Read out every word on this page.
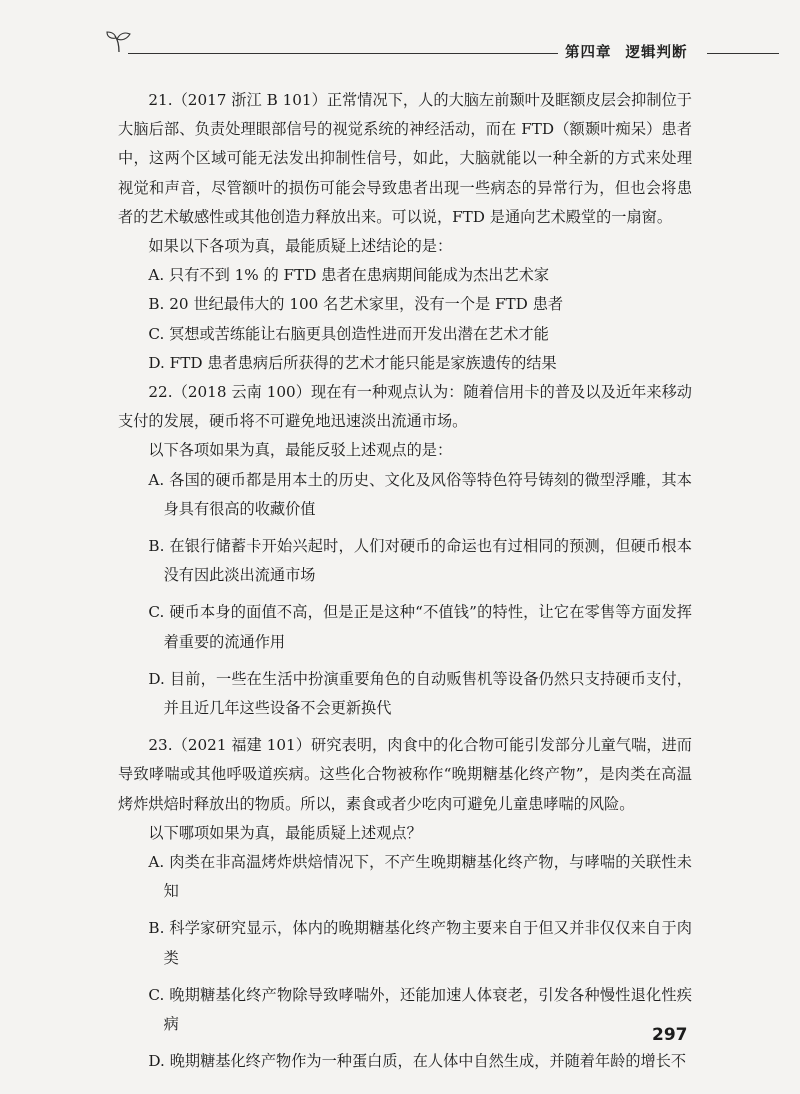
第四章 逻辑判断

21.（2017 浙江 B 101）正常情况下，人的大脑左前颞叶及眶额皮层会抑制位于大脑后部、负责处理眼部信号的视觉系统的神经活动，而在 FTD（额颞叶痴呆）患者中，这两个区域可能无法发出抑制性信号，如此，大脑就能以一种全新的方式来处理视觉和声音，尽管额叶的损伤可能会导致患者出现一些病态的异常行为，但也会将患者的艺术敏感性或其他创造力释放出来。可以说，FTD 是通向艺术殿堂的一扇窗。

如果以下各项为真，最能质疑上述结论的是：

A. 只有不到 1% 的 FTD 患者在患病期间能成为杰出艺术家

B. 20 世纪最伟大的 100 名艺术家里，没有一个是 FTD 患者

C. 冥想或苦练能让右脑更具创造性进而开发出潜在艺术才能

D. FTD 患者患病后所获得的艺术才能只能是家族遗传的结果

22.（2018 云南 100）现在有一种观点认为：随着信用卡的普及以及近年来移动支付的发展，硬币将不可避免地迅速淡出流通市场。

以下各项如果为真，最能反驳上述观点的是：

A. 各国的硬币都是用本土的历史、文化及风俗等特色符号铸刻的微型浮雕，其本身具有很高的收藏价值

B. 在银行储蓄卡开始兴起时，人们对硬币的命运也有过相同的预测，但硬币根本没有因此淡出流通市场

C. 硬币本身的面值不高，但是正是这种“不值钱”的特性，让它在零售等方面发挥着重要的流通作用

D. 目前，一些在生活中扮演重要角色的自动贩售机等设备仍然只支持硬币支付，并且近几年这些设备不会更新换代

23.（2021 福建 101）研究表明，肉食中的化合物可能引发部分儿童气喘，进而导致哮喘或其他呼吸道疾病。这些化合物被称作“晚期糖基化终产物”，是肉类在高温烤炸烘焙时释放出的物质。所以，素食或者少吃肉可避免儿童患哮喘的风险。

以下哪项如果为真，最能质疑上述观点？

A. 肉类在非高温烤炸烘焙情况下，不产生晚期糖基化终产物，与哮喘的关联性未知

B. 科学家研究显示，体内的晚期糖基化终产物主要来自于但又并非仅仅来自于肉类

C. 晚期糖基化终产物除导致哮喘外，还能加速人体衰老，引发各种慢性退化性疾病

D. 晚期糖基化终产物作为一种蛋白质，在人体中自然生成，并随着年龄的增长不

297
